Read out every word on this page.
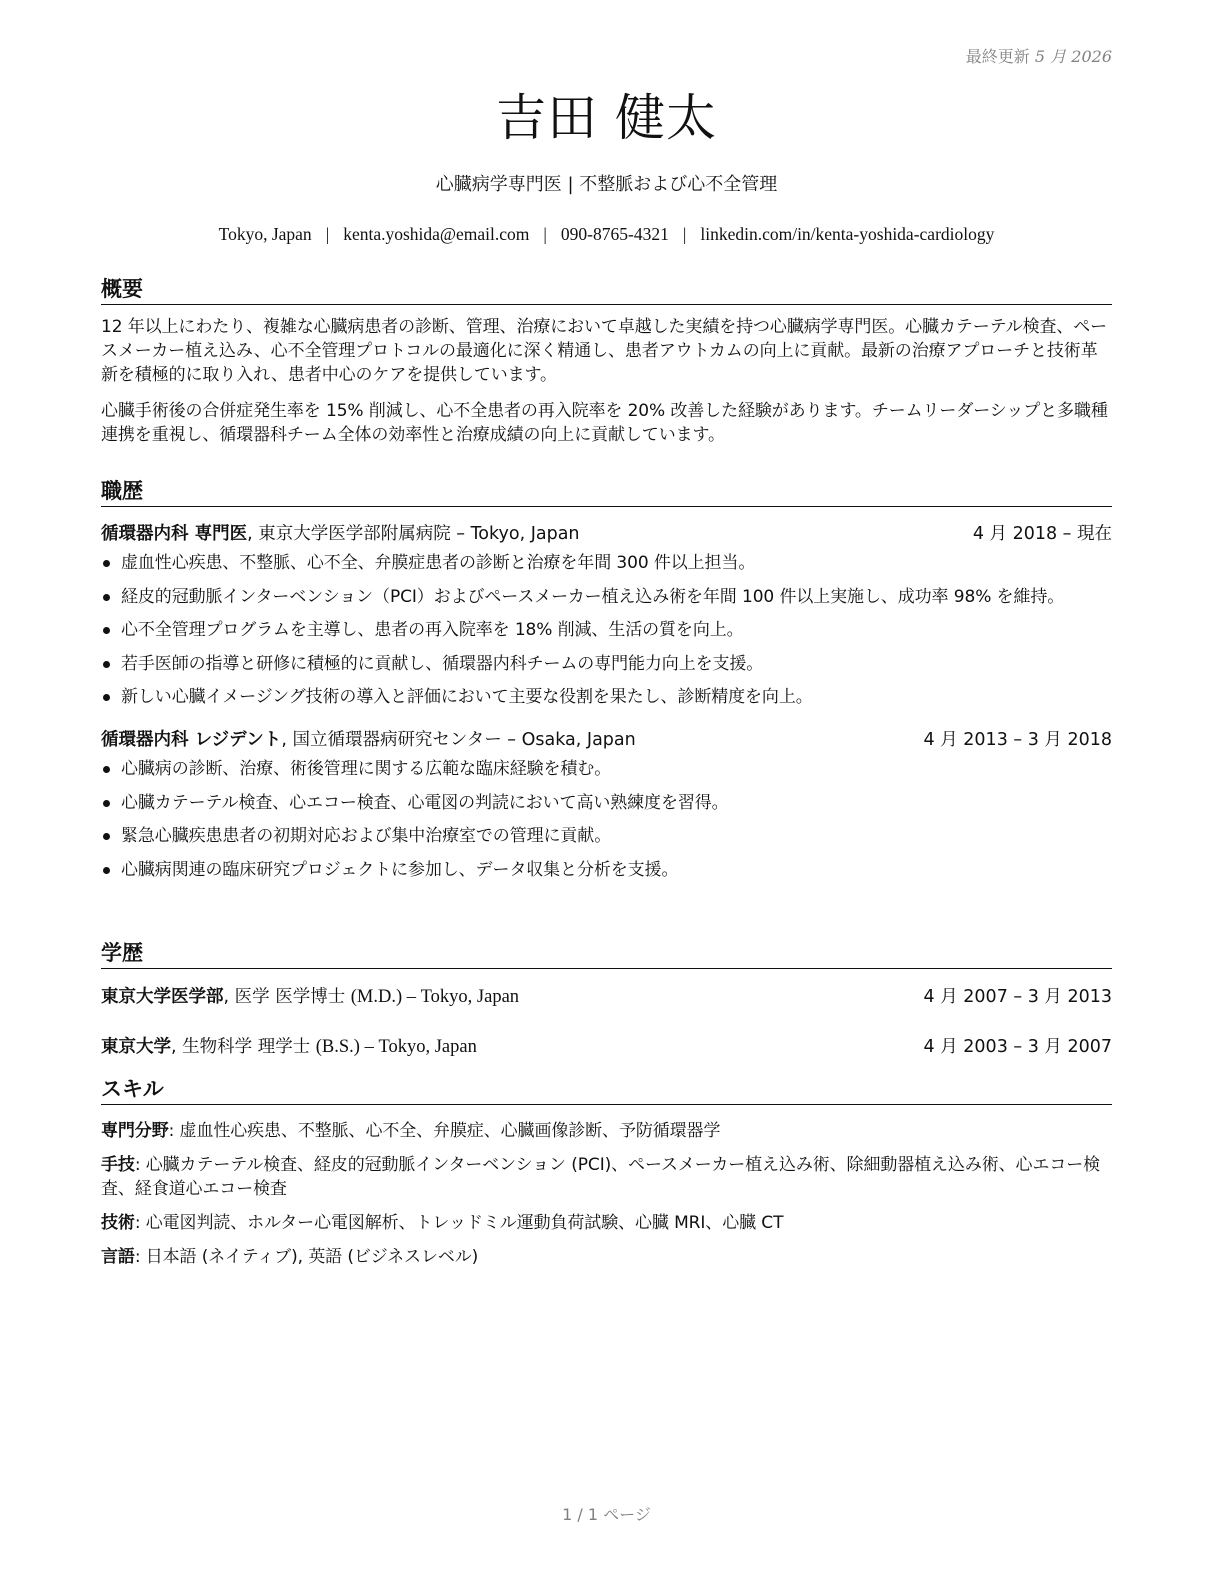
最終更新 5 月 2026
吉田 健太
心臓病学専門医 | 不整脈および心不全管理
Tokyo, Japan | kenta.yoshida@email.com | 090-8765-4321 | linkedin.com/in/kenta-yoshida-cardiology
概要

12 年以上にわたり、複雑な心臓病患者の診断、管理、治療において卓越した実績を持つ心臓病学専門医。心臓カテーテル検査、ペースメーカー植え込み、心不全管理プロトコルの最適化に深く精通し、患者アウトカムの向上に貢献。最新の治療アプローチと技術革新を積極的に取り入れ、患者中心のケアを提供しています。

心臓手術後の合併症発生率を 15% 削減し、心不全患者の再入院率を 20% 改善した経験があります。チームリーダーシップと多職種連携を重視し、循環器科チーム全体の効率性と治療成績の向上に貢献しています。

職歴
循環器内科 専門医, 東京大学医学部附属病院 – Tokyo, Japan	4 月 2018 – 現在
虚血性心疾患、不整脈、心不全、弁膜症患者の診断と治療を年間 300 件以上担当。
経皮的冠動脈インターベンション（PCI）およびペースメーカー植え込み術を年間 100 件以上実施し、成功率 98% を維持。
心不全管理プログラムを主導し、患者の再入院率を 18% 削減、生活の質を向上。
若手医師の指導と研修に積極的に貢献し、循環器内科チームの専門能力向上を支援。
新しい心臓イメージング技術の導入と評価において主要な役割を果たし、診断精度を向上。
循環器内科 レジデント, 国立循環器病研究センター – Osaka, Japan	4 月 2013 – 3 月 2018
心臓病の診断、治療、術後管理に関する広範な臨床経験を積む。
心臓カテーテル検査、心エコー検査、心電図の判読において高い熟練度を習得。
緊急心臓疾患患者の初期対応および集中治療室での管理に貢献。
心臓病関連の臨床研究プロジェクトに参加し、データ収集と分析を支援。
学歴
東京大学医学部, 医学 医学博士 (M.D.) – Tokyo, Japan	4 月 2007 – 3 月 2013
東京大学, 生物科学 理学士 (B.S.) – Tokyo, Japan	4 月 2003 – 3 月 2007
スキル
専門分野: 虚血性心疾患、不整脈、心不全、弁膜症、心臓画像診断、予防循環器学
手技: 心臓カテーテル検査、経皮的冠動脈インターベンション (PCI)、ペースメーカー植え込み術、除細動器植え込み術、心エコー検査、経食道心エコー検査
技術: 心電図判読、ホルター心電図解析、トレッドミル運動負荷試験、心臓 MRI、心臓 CT
言語: 日本語 (ネイティブ), 英語 (ビジネスレベル)
1 / 1 ページ
